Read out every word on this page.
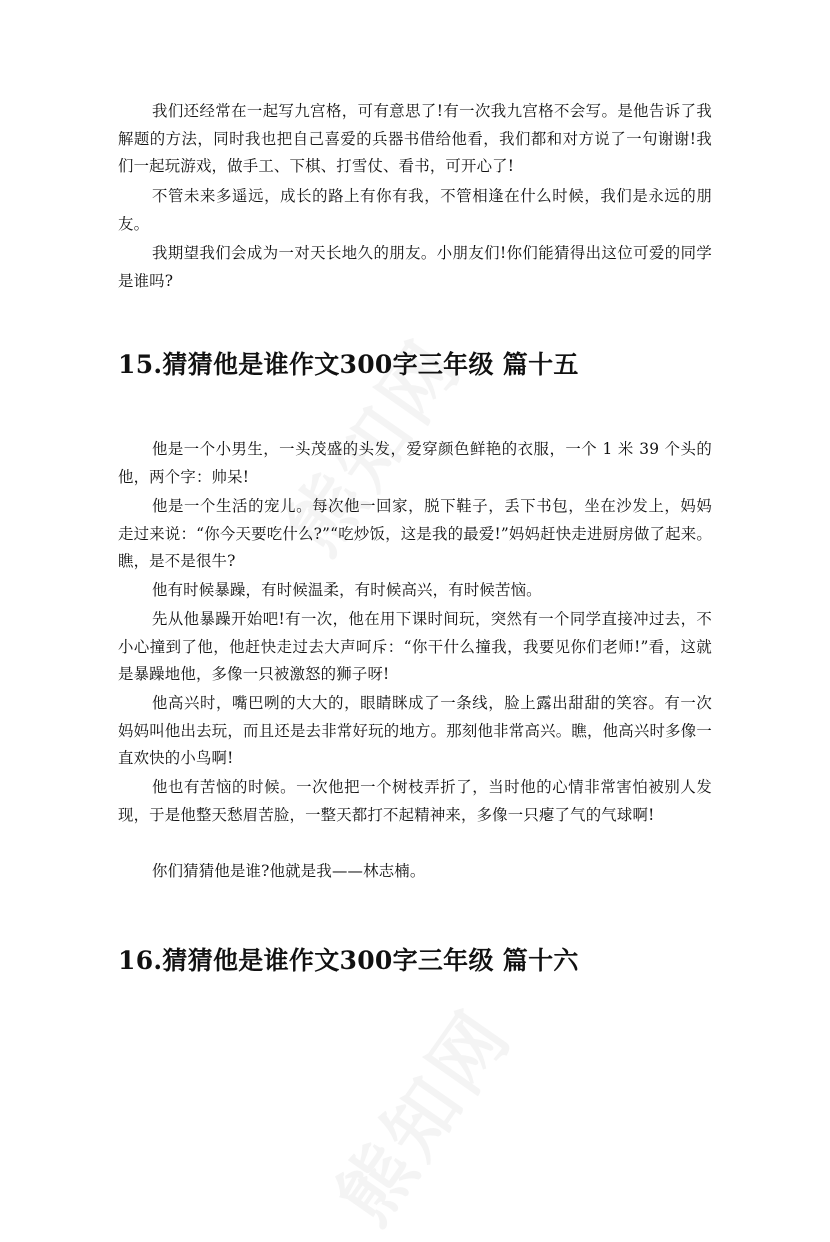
我们还经常在一起写九宫格，可有意思了!有一次我九宫格不会写。是他告诉了我解题的方法，同时我也把自己喜爱的兵器书借给他看，我们都和对方说了一句谢谢!我们一起玩游戏，做手工、下棋、打雪仗、看书，可开心了!

不管未来多遥远，成长的路上有你有我，不管相逢在什么时候，我们是永远的朋友。

我期望我们会成为一对天长地久的朋友。小朋友们!你们能猜得出这位可爱的同学是谁吗?

15.猜猜他是谁作文300字三年级 篇十五

他是一个小男生，一头茂盛的头发，爱穿颜色鲜艳的衣服，一个 1 米 39 个头的他，两个字：帅呆!

他是一个生活的宠儿。每次他一回家，脱下鞋子，丢下书包，坐在沙发上，妈妈走过来说：“你今天要吃什么?”“吃炒饭，这是我的最爱!”妈妈赶快走进厨房做了起来。瞧，是不是很牛?

他有时候暴躁，有时候温柔，有时候高兴，有时候苦恼。

先从他暴躁开始吧!有一次，他在用下课时间玩，突然有一个同学直接冲过去，不小心撞到了他，他赶快走过去大声呵斥：“你干什么撞我，我要见你们老师!”看，这就是暴躁地他，多像一只被激怒的狮子呀!

他高兴时，嘴巴咧的大大的，眼睛眯成了一条线，脸上露出甜甜的笑容。有一次妈妈叫他出去玩，而且还是去非常好玩的地方。那刻他非常高兴。瞧，他高兴时多像一直欢快的小鸟啊!

他也有苦恼的时候。一次他把一个树枝弄折了，当时他的心情非常害怕被别人发现，于是他整天愁眉苦脸，一整天都打不起精神来，多像一只瘪了气的气球啊!

你们猜猜他是谁?他就是我——林志楠。

16.猜猜他是谁作文300字三年级 篇十六
